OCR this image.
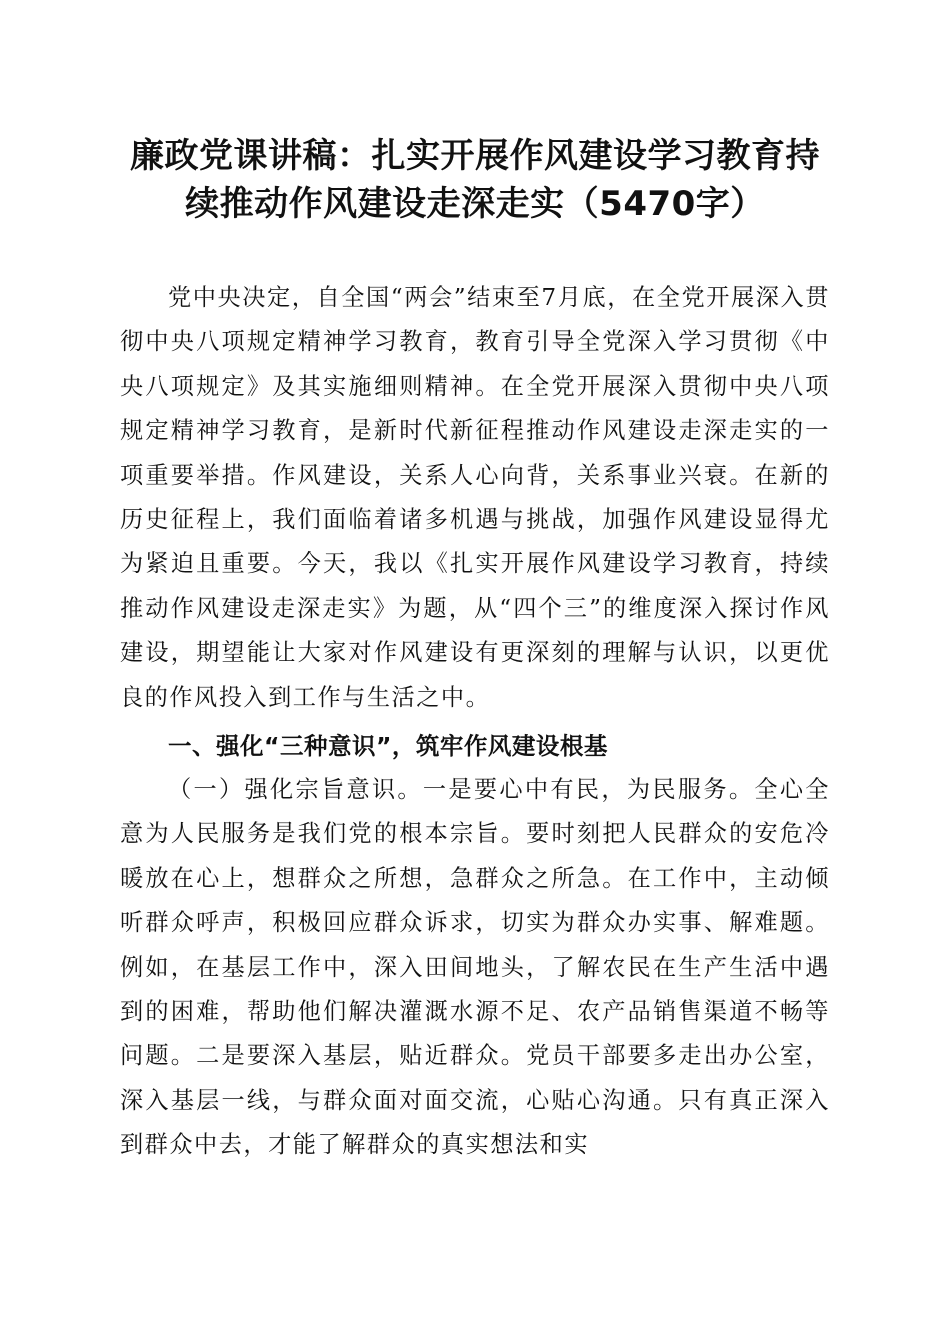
廉政党课讲稿：扎实开展作风建设学习教育持
续推动作风建设走深走实（5470字）
党中央决定，自全国“两会”结束至7月底，在全党开展深入贯彻中央八项规定精神学习教育，教育引导全党深入学习贯彻《中央八项规定》及其实施细则精神。在全党开展深入贯彻中央八项规定精神学习教育，是新时代新征程推动作风建设走深走实的一项重要举措。作风建设，关系人心向背，关系事业兴衰。在新的历史征程上，我们面临着诸多机遇与挑战，加强作风建设显得尤为紧迫且重要。今天，我以《扎实开展作风建设学习教育，持续推动作风建设走深走实》为题，从“四个三”的维度深入探讨作风建设，期望能让大家对作风建设有更深刻的理解与认识，以更优良的作风投入到工作与生活之中。
一、强化“三种意识”，筑牢作风建设根基
（一）强化宗旨意识。一是要心中有民，为民服务。全心全意为人民服务是我们党的根本宗旨。要时刻把人民群众的安危冷暖放在心上，想群众之所想，急群众之所急。在工作中，主动倾听群众呼声，积极回应群众诉求，切实为群众办实事、解难题。例如，在基层工作中，深入田间地头，了解农民在生产生活中遇到的困难，帮助他们解决灌溉水源不足、农产品销售渠道不畅等问题。二是要深入基层，贴近群众。党员干部要多走出办公室，深入基层一线，与群众面对面交流，心贴心沟通。只有真正深入到群众中去，才能了解群众的真实想法和实
